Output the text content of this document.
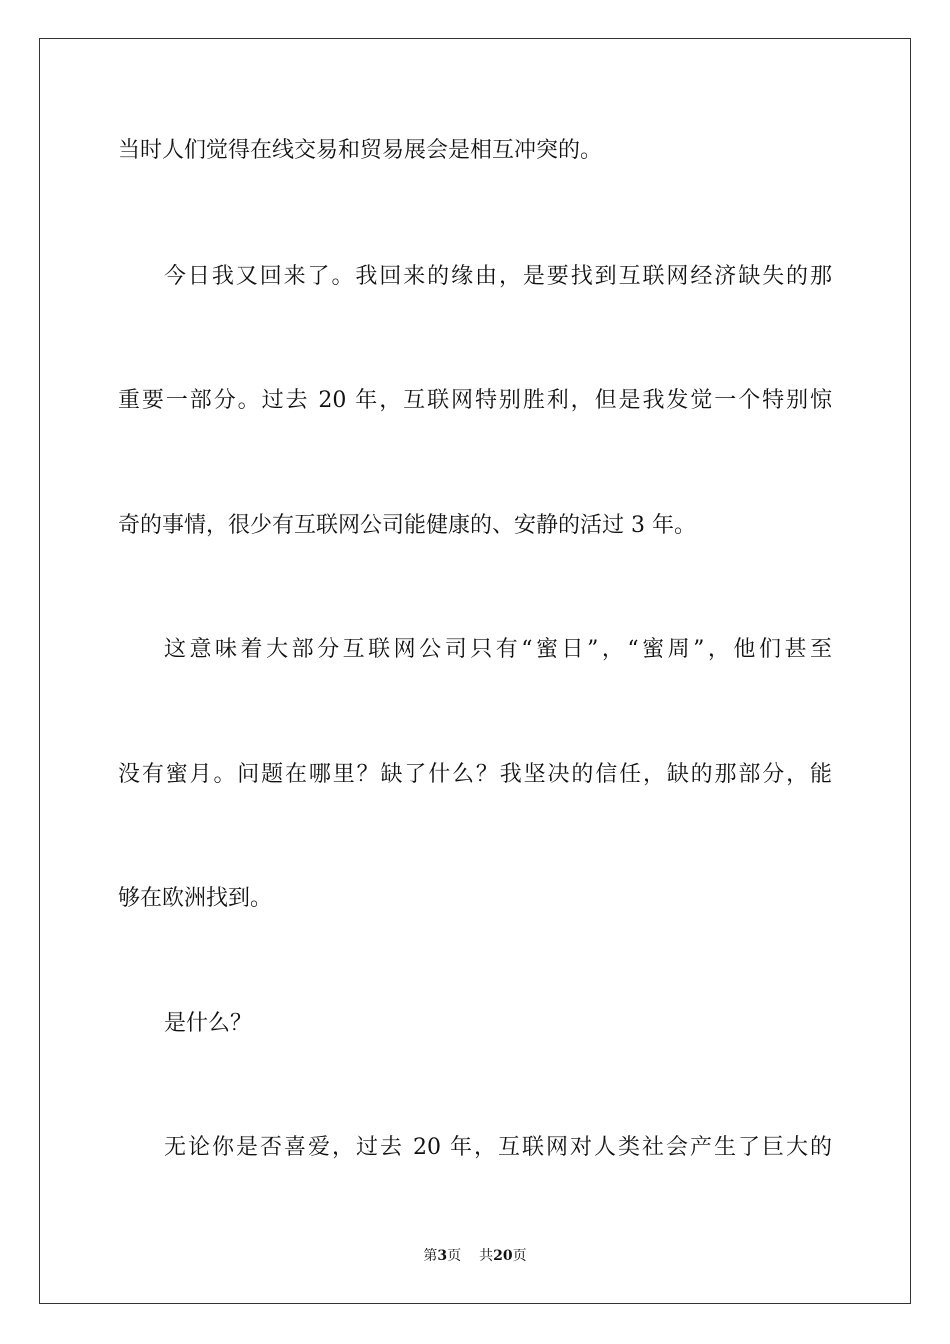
当时人们觉得在线交易和贸易展会是相互冲突的。
今日我又回来了。我回来的缘由，是要找到互联网经济缺失的那
重要一部分。过去 20 年，互联网特别胜利，但是我发觉一个特别惊
奇的事情，很少有互联网公司能健康的、安静的活过 3 年。
这意味着大部分互联网公司只有“蜜日”，“蜜周”，他们甚至
没有蜜月。问题在哪里？缺了什么？我坚决的信任，缺的那部分，能
够在欧洲找到。
是什么？
无论你是否喜爱，过去 20 年，互联网对人类社会产生了巨大的
第3页 共20页
